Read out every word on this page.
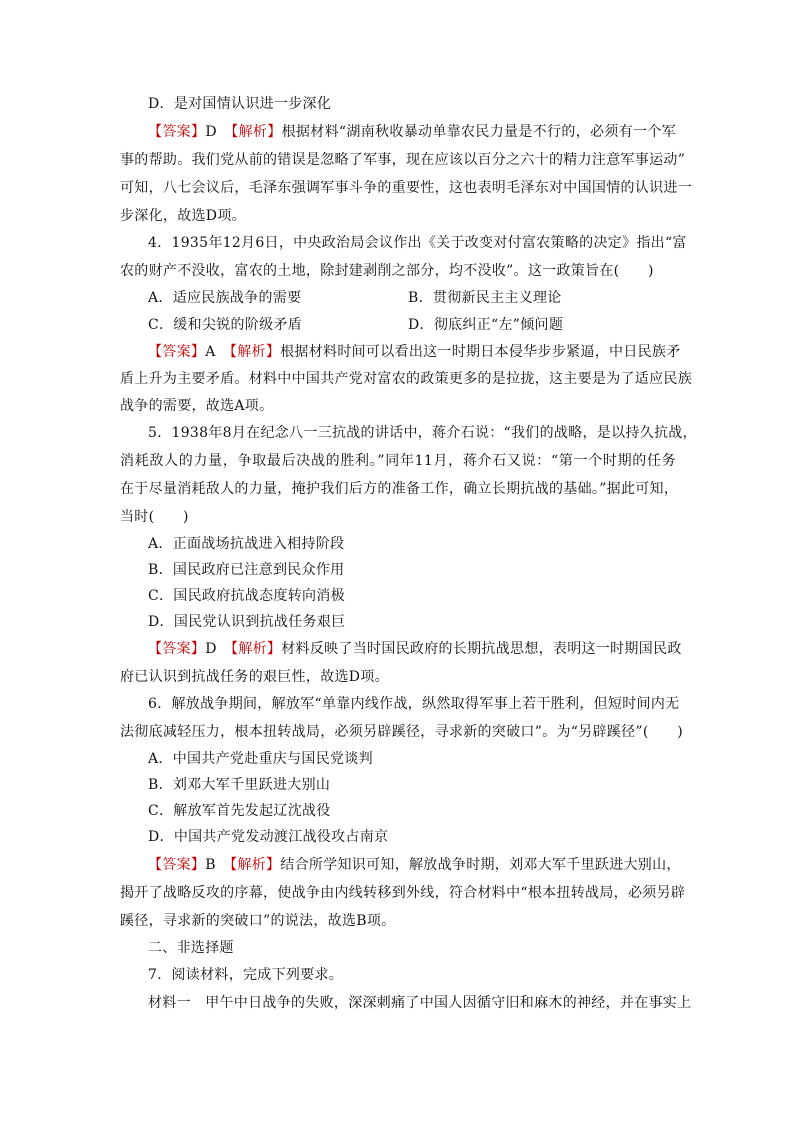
D．是对国情认识进一步深化
【答案】D　【解析】根据材料“湖南秋收暴动单靠农民力量是不行的，必须有一个军
事的帮助。我们党从前的错误是忽略了军事，现在应该以百分之六十的精力注意军事运动”
可知，八七会议后，毛泽东强调军事斗争的重要性，这也表明毛泽东对中国国情的认识进一
步深化，故选D项。
4．1935年12月6日，中央政治局会议作出《关于改变对付富农策略的决定》指出“富
农的财产不没收，富农的土地，除封建剥削之部分，均不没收”。这一政策旨在(　　)
A．适应民族战争的需要	B．贯彻新民主主义理论
C．缓和尖锐的阶级矛盾	D．彻底纠正“左”倾问题
【答案】A　【解析】根据材料时间可以看出这一时期日本侵华步步紧逼，中日民族矛
盾上升为主要矛盾。材料中中国共产党对富农的政策更多的是拉拢，这主要是为了适应民族
战争的需要，故选A项。
5．1938年8月在纪念八一三抗战的讲话中，蒋介石说：“我们的战略，是以持久抗战，
消耗敌人的力量，争取最后决战的胜利。”同年11月，蒋介石又说：“第一个时期的任务
在于尽量消耗敌人的力量，掩护我们后方的准备工作，确立长期抗战的基础。”据此可知，
当时(　　)
A．正面战场抗战进入相持阶段
B．国民政府已注意到民众作用
C．国民政府抗战态度转向消极
D．国民党认识到抗战任务艰巨
【答案】D　【解析】材料反映了当时国民政府的长期抗战思想，表明这一时期国民政
府已认识到抗战任务的艰巨性，故选D项。
6．解放战争期间，解放军“单靠内线作战，纵然取得军事上若干胜利，但短时间内无
法彻底减轻压力，根本扭转战局，必须另辟蹊径，寻求新的突破口”。为“另辟蹊径”(　　)
A．中国共产党赴重庆与国民党谈判
B．刘邓大军千里跃进大别山
C．解放军首先发起辽沈战役
D．中国共产党发动渡江战役攻占南京
【答案】B　【解析】结合所学知识可知，解放战争时期，刘邓大军千里跃进大别山，
揭开了战略反攻的序幕，使战争由内线转移到外线，符合材料中“根本扭转战局，必须另辟
蹊径，寻求新的突破口”的说法，故选B项。
二、非选择题
7．阅读材料，完成下列要求。
材料一　甲午中日战争的失败，深深刺痛了中国人因循守旧和麻木的神经，并在事实上
